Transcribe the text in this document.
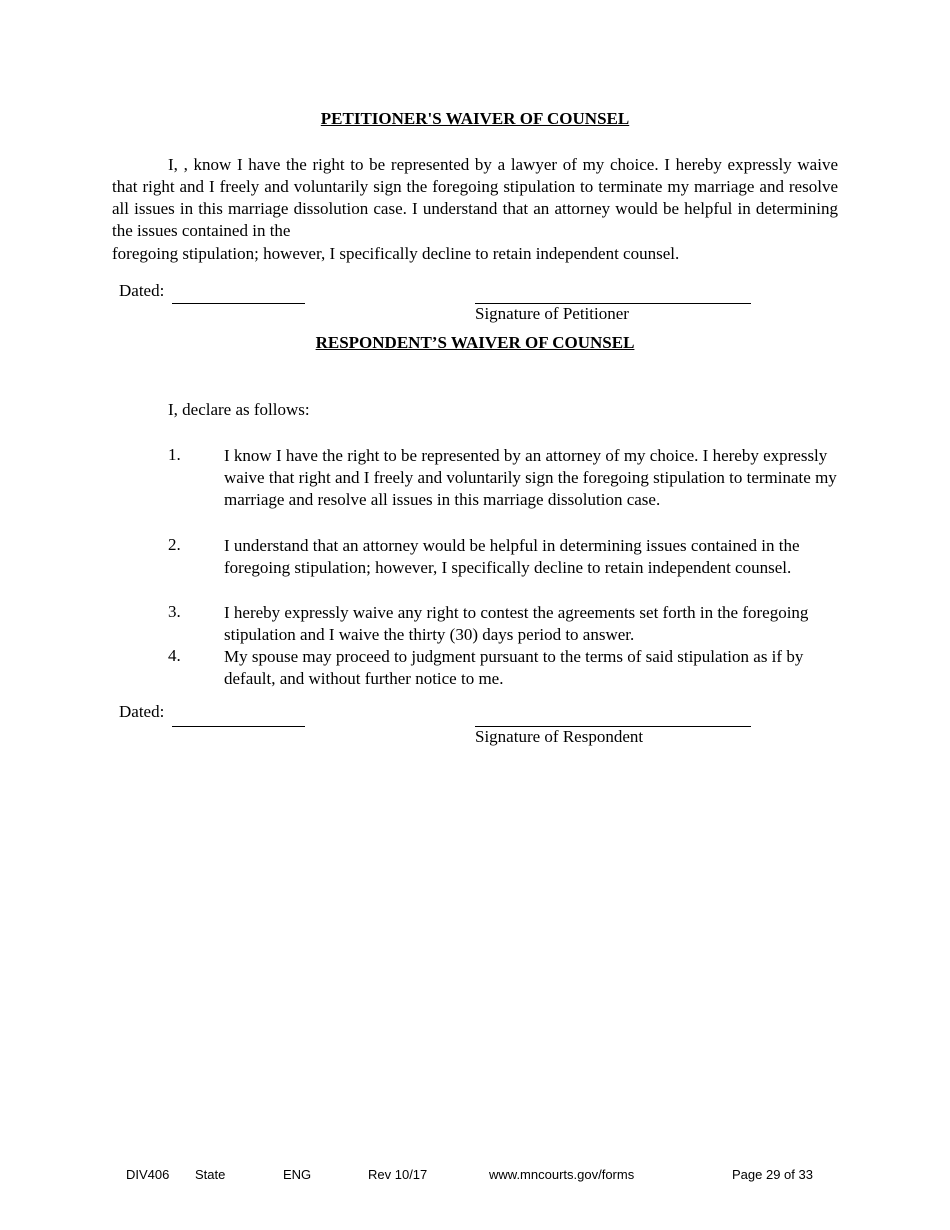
PETITIONER'S WAIVER OF COUNSEL
I, , know I have the right to be represented by a lawyer of my choice. I hereby expressly waive that right and I freely and voluntarily sign the foregoing stipulation to terminate my marriage and resolve all issues in this marriage dissolution case. I understand that an attorney would be helpful in determining the issues contained in the
foregoing stipulation; however, I specifically decline to retain independent counsel.
Dated:
Signature of Petitioner
RESPONDENT’S WAIVER OF COUNSEL
I, declare as follows:
1.	I know I have the right to be represented by an attorney of my choice. I hereby expressly waive that right and I freely and voluntarily sign the foregoing stipulation to terminate my marriage and resolve all issues in this marriage dissolution case.
2.	I understand that an attorney would be helpful in determining issues contained in the foregoing stipulation; however, I specifically decline to retain independent counsel.
3.	I hereby expressly waive any right to contest the agreements set forth in the foregoing stipulation and I waive the thirty (30) days period to answer.
4.	My spouse may proceed to judgment pursuant to the terms of said stipulation as if by default, and without further notice to me.
Dated:
Signature of Respondent
DIV406 State	ENG	Rev 10/17	www.mncourts.gov/forms	Page 29 of 33
